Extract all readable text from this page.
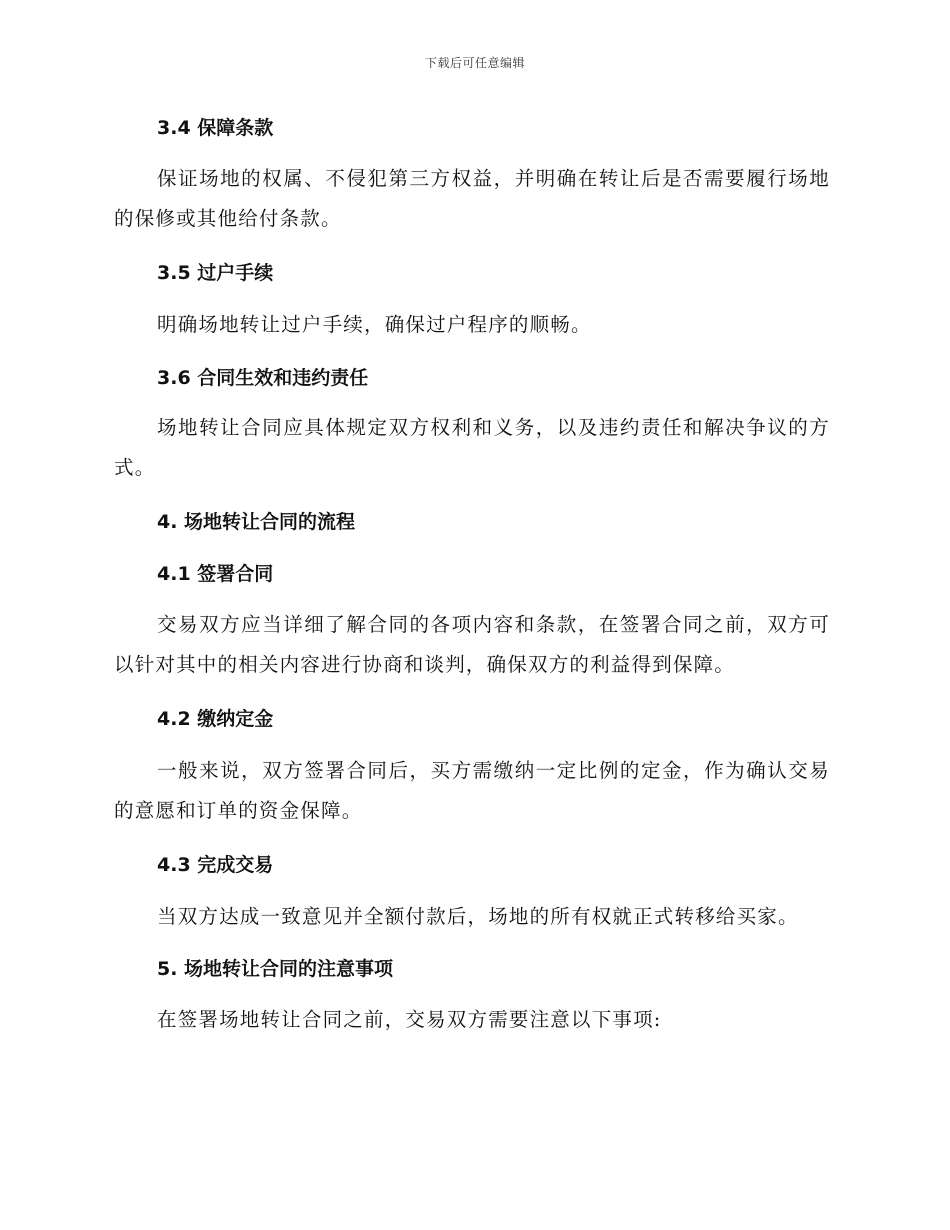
下载后可任意编辑
3.4 保障条款
保证场地的权属、不侵犯第三方权益，并明确在转让后是否需要履行场地的保修或其他给付条款。
3.5 过户手续
明确场地转让过户手续，确保过户程序的顺畅。
3.6 合同生效和违约责任
场地转让合同应具体规定双方权利和义务，以及违约责任和解决争议的方式。
4. 场地转让合同的流程
4.1 签署合同
交易双方应当详细了解合同的各项内容和条款，在签署合同之前，双方可以针对其中的相关内容进行协商和谈判，确保双方的利益得到保障。
4.2 缴纳定金
一般来说，双方签署合同后，买方需缴纳一定比例的定金，作为确认交易的意愿和订单的资金保障。
4.3 完成交易
当双方达成一致意见并全额付款后，场地的所有权就正式转移给买家。
5. 场地转让合同的注意事项
在签署场地转让合同之前，交易双方需要注意以下事项:
